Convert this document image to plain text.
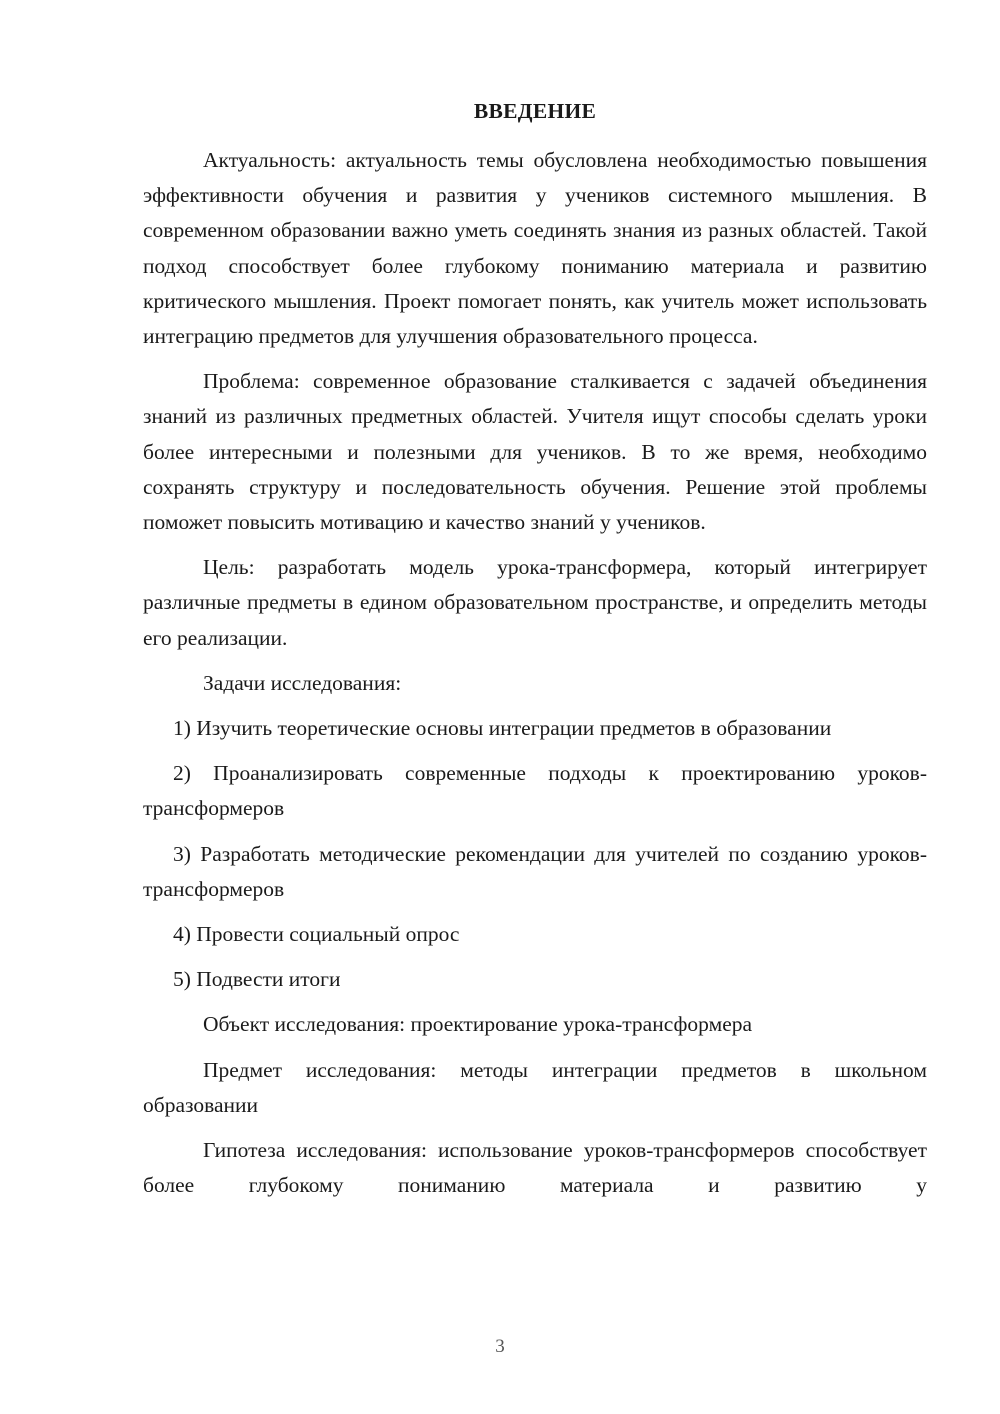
ВВЕДЕНИЕ
Актуальность: актуальность темы обусловлена необходимостью повышения эффективности обучения и развития у учеников системного мышления. В современном образовании важно уметь соединять знания из разных областей. Такой подход способствует более глубокому пониманию материала и развитию критического мышления. Проект помогает понять, как учитель может использовать интеграцию предметов для улучшения образовательного процесса.
Проблема: современное образование сталкивается с задачей объединения знаний из различных предметных областей. Учителя ищут способы сделать уроки более интересными и полезными для учеников. В то же время, необходимо сохранять структуру и последовательность обучения. Решение этой проблемы поможет повысить мотивацию и качество знаний у учеников.
Цель: разработать модель урока-трансформера, который интегрирует различные предметы в едином образовательном пространстве, и определить методы его реализации.
Задачи исследования:
1) Изучить теоретические основы интеграции предметов в образовании
2) Проанализировать современные подходы к проектированию уроков-трансформеров
3) Разработать методические рекомендации для учителей по созданию уроков-трансформеров
4) Провести социальный опрос
5) Подвести итоги
Объект исследования: проектирование урока-трансформера
Предмет исследования: методы интеграции предметов в школьном образовании
Гипотеза исследования: использование уроков-трансформеров способствует более глубокому пониманию материала и развитию у
3
